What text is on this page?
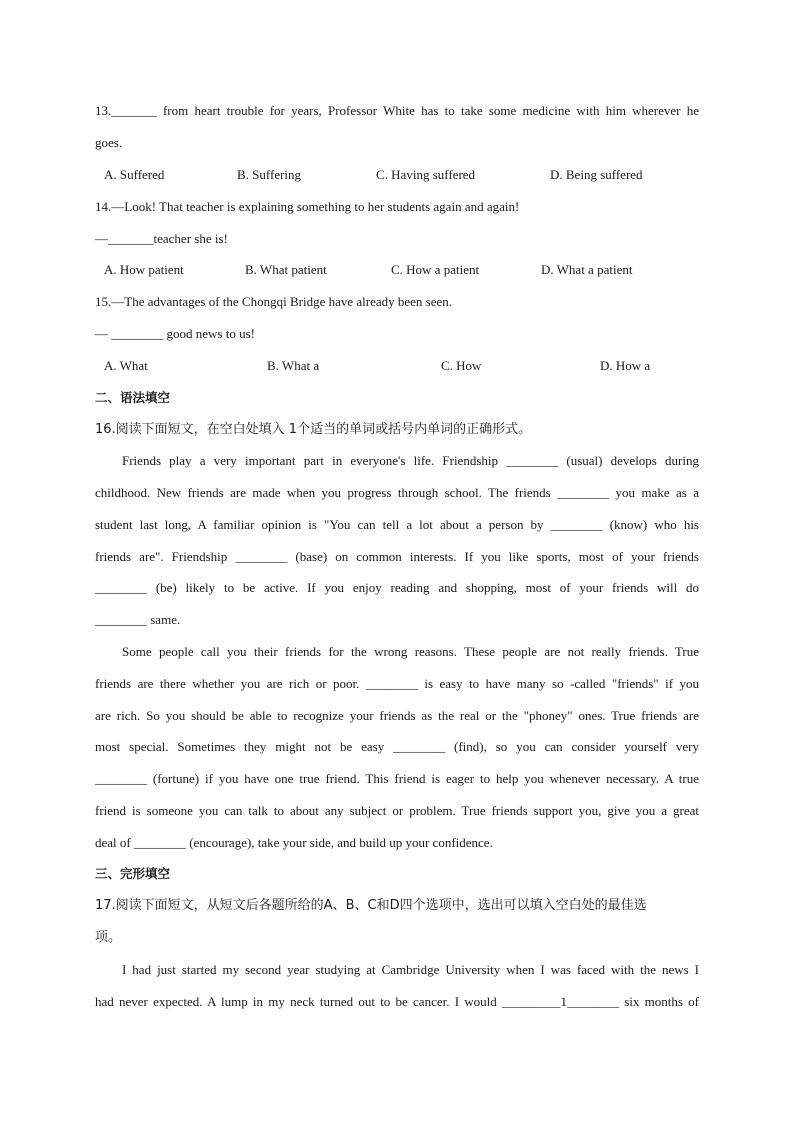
13._______ from heart trouble for years, Professor White has to take some medicine with him wherever he
goes.
A. Suffered	B. Suffering	C. Having suffered	D. Being suffered
14.—Look! That teacher is explaining something to her students again and again!
—_______teacher she is!
A. How patient	B. What patient	C. How a patient	D. What a patient
15.—The advantages of the Chongqi Bridge have already been seen.
— ________ good news to us!
A. What	B. What a	C. How	D. How a
二、语法填空
16.阅读下面短文，在空白处填入 1个适当的单词或括号内单词的正确形式。
Friends play a very important part in everyone's life. Friendship ________ (usual) develops during
childhood. New friends are made when you progress through school. The friends ________ you make as a
student last long, A familiar opinion is "You can tell a lot about a person by ________ (know) who his
friends are". Friendship ________ (base) on common interests. If you like sports, most of your friends
________ (be) likely to be active. If you enjoy reading and shopping, most of your friends will do
________ same.
Some people call you their friends for the wrong reasons. These people are not really friends. True
friends are there whether you are rich or poor. ________ is easy to have many so -called "friends" if you
are rich. So you should be able to recognize your friends as the real or the "phoney" ones. True friends are
most special. Sometimes they might not be easy ________ (find), so you can consider yourself very
________ (fortune) if you have one true friend. This friend is eager to help you whenever necessary. A true
friend is someone you can talk to about any subject or problem. True friends support you, give you a great
deal of ________ (encourage), take your side, and build up your confidence.
三、完形填空
17.阅读下面短文，从短文后各题所给的A、B、C和D四个选项中，选出可以填入空白处的最佳选
项。
I had just started my second year studying at Cambridge University when I was faced with the news I
had never expected. A lump in my neck turned out to be cancer. I would _________1________ six months of
